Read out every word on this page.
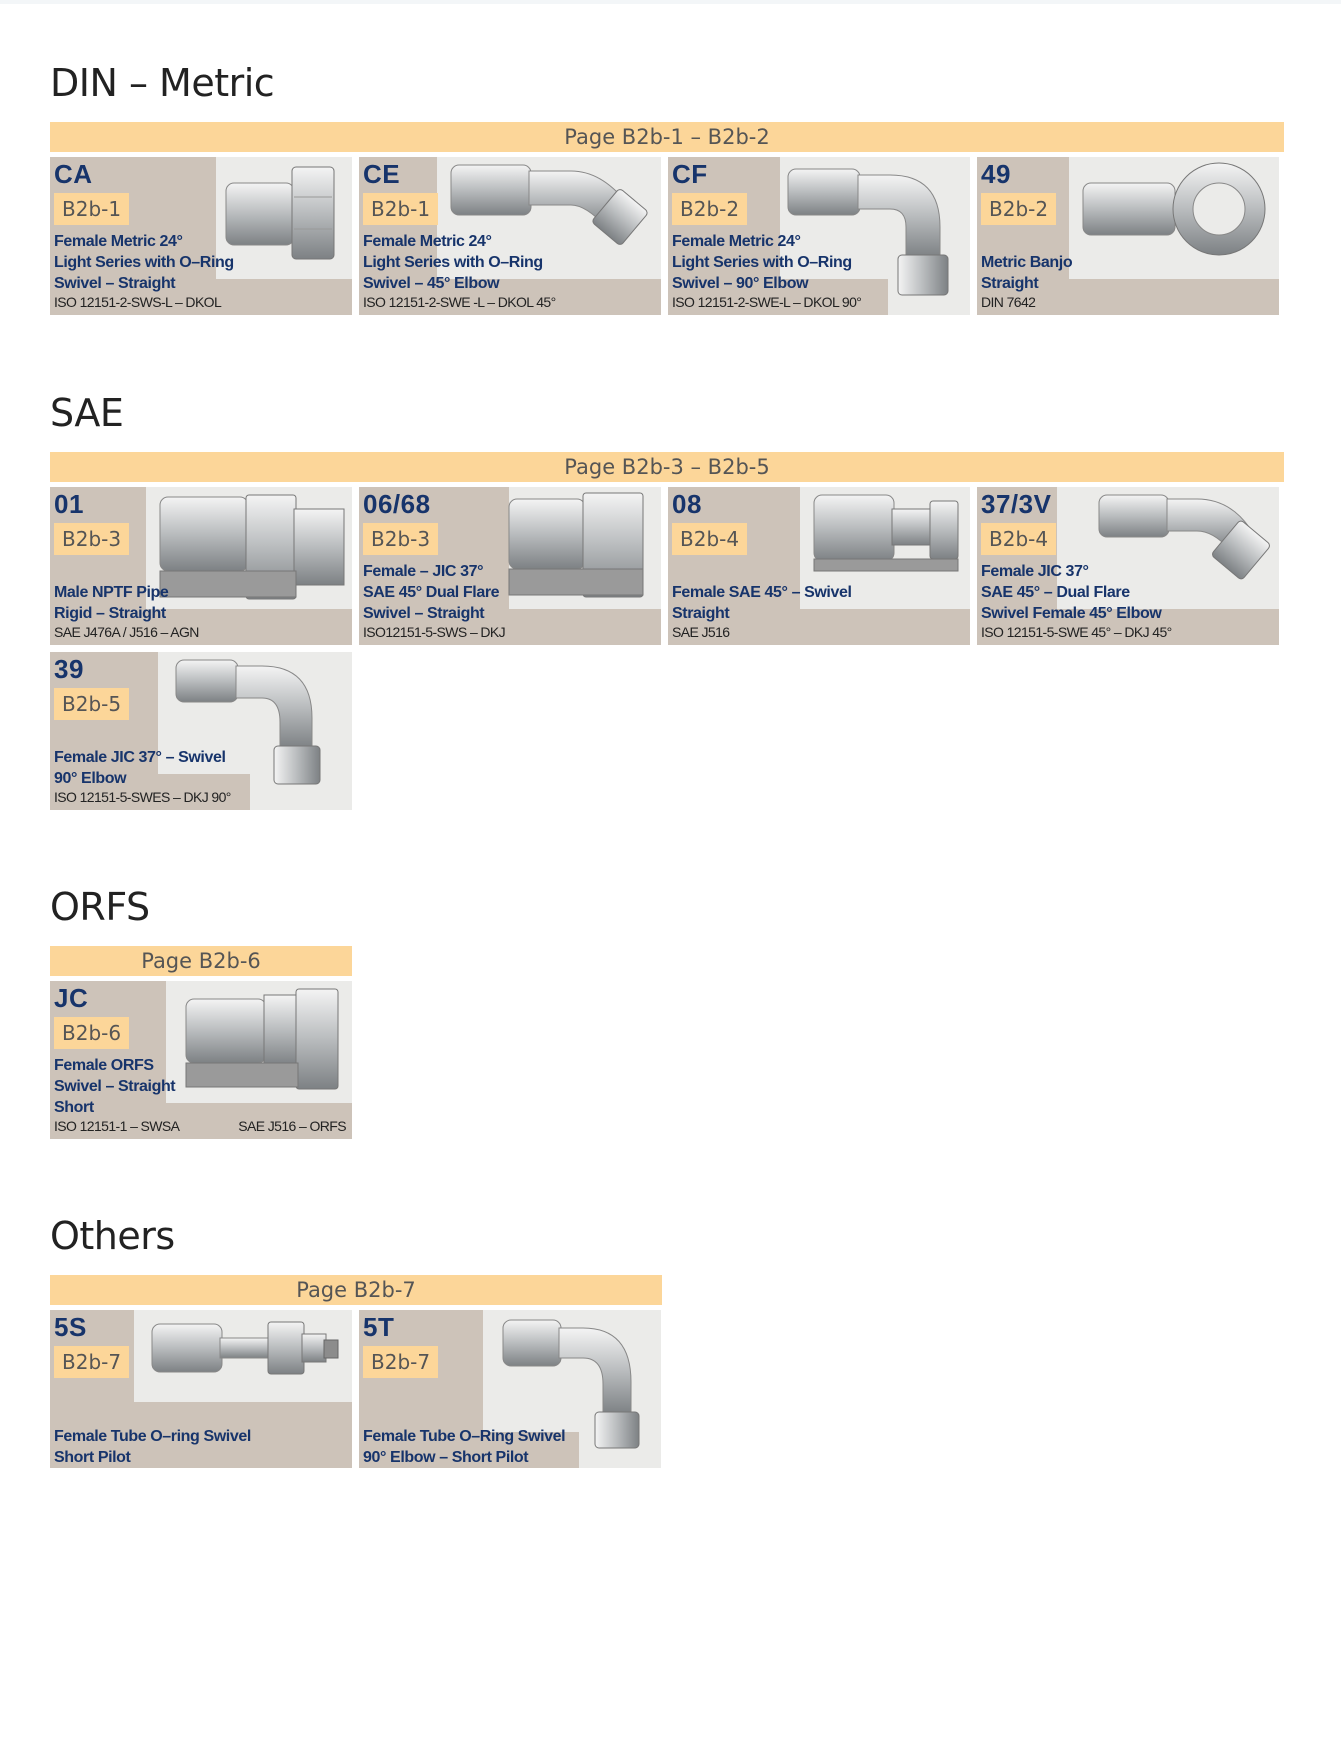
DIN – Metric
Page B2b-1 – B2b-2
CA
B2b-1
Female Metric 24°
Light Series with O–Ring
Swivel – Straight
ISO 12151-2-SWS-L – DKOL
CE
B2b-1
Female Metric 24°
Light Series with O–Ring
Swivel – 45° Elbow
ISO 12151-2-SWE -L – DKOL 45°
CF
B2b-2
Female Metric 24°
Light Series with O–Ring
Swivel – 90° Elbow
ISO 12151-2-SWE-L – DKOL 90°
49
B2b-2
Metric Banjo
Straight
DIN 7642
SAE
Page B2b-3 – B2b-5
01
B2b-3
Male NPTF Pipe
Rigid – Straight
SAE J476A / J516 – AGN
06/68
B2b-3
Female – JIC 37°
SAE 45° Dual Flare
Swivel – Straight
ISO12151-5-SWS – DKJ
08
B2b-4
Female SAE 45° – Swivel
Straight
SAE J516
37/3V
B2b-4
Female JIC 37°
SAE 45° – Dual Flare
Swivel Female 45° Elbow
ISO 12151-5-SWE 45° – DKJ 45°
39
B2b-5
Female JIC 37° – Swivel
90° Elbow
ISO 12151-5-SWES – DKJ 90°
ORFS
Page B2b-6
JC
B2b-6
Female ORFS
Swivel – Straight
Short
ISO 12151-1 – SWSA	SAE J516 – ORFS
Others
Page B2b-7
5S
B2b-7
Female Tube O–ring Swivel
Short Pilot
5T
B2b-7
Female Tube O–Ring Swivel
90° Elbow – Short Pilot
